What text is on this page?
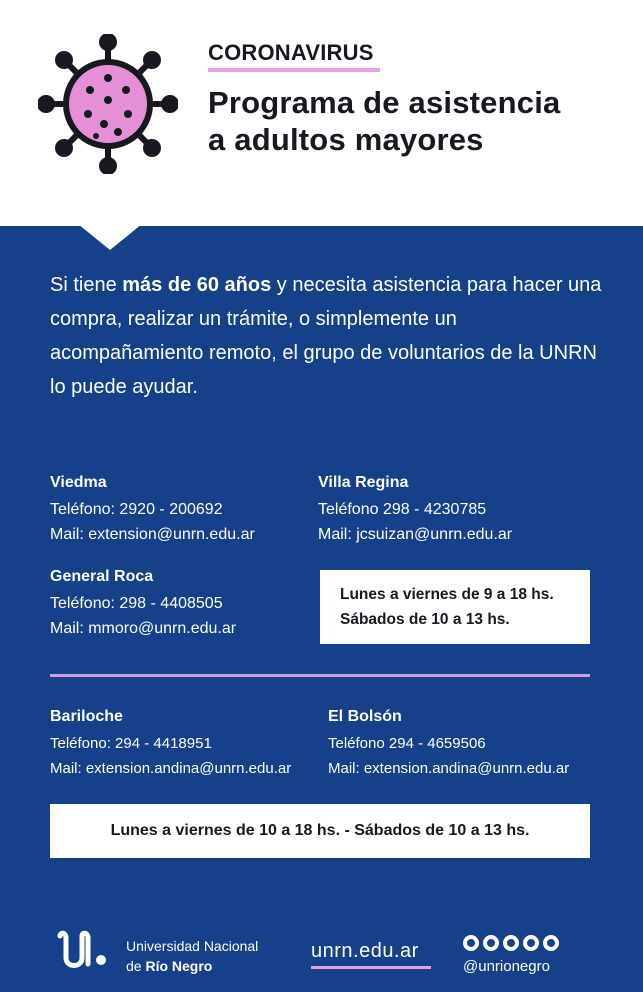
CORONAVIRUS
Programa de asistencia
a adultos mayores
Si tiene más de 60 años y necesita asistencia para hacer una compra, realizar un trámite, o simplemente un acompañamiento remoto, el grupo de voluntarios de la UNRN lo puede ayudar.
Viedma
Teléfono: 2920 - 200692
Mail: extension@unrn.edu.ar
Villa Regina
Teléfono 298 - 4230785
Mail: jcsuizan@unrn.edu.ar
General Roca
Teléfono: 298 - 4408505
Mail: mmoro@unrn.edu.ar
Lunes a viernes de 9 a 18 hs.
Sábados de 10 a 13 hs.
Bariloche
Teléfono: 294 - 4418951
Mail: extension.andina@unrn.edu.ar
El Bolsón
Teléfono 294 - 4659506
Mail: extension.andina@unrn.edu.ar
Lunes a viernes de 10 a 18 hs. - Sábados de 10 a 13 hs.
Universidad Nacional
de Río Negro
unrn.edu.ar
@unrionegro
